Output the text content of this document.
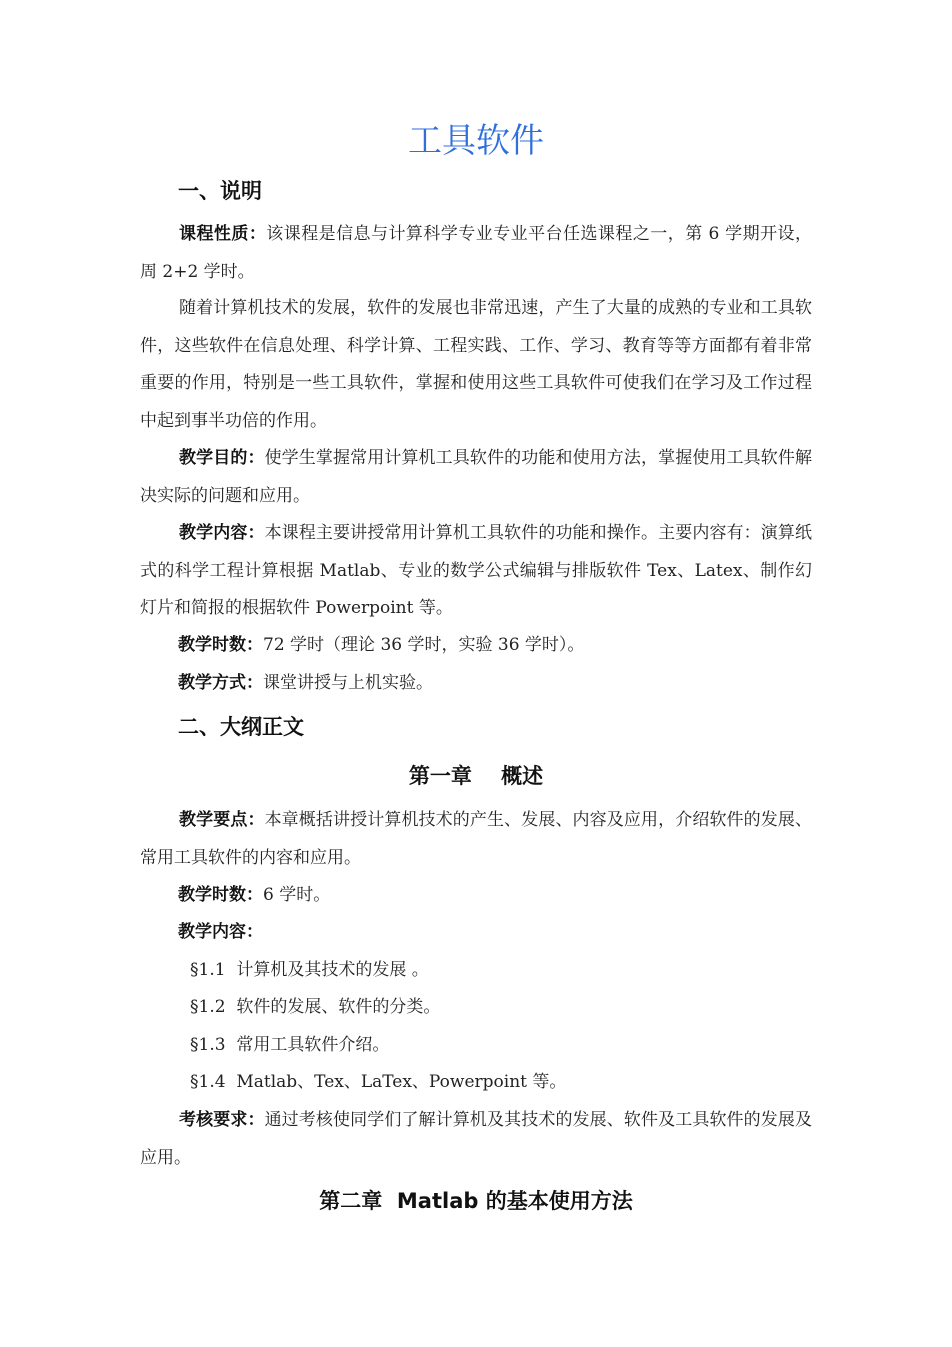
工具软件
一、说明
课程性质：该课程是信息与计算科学专业专业平台任选课程之一，第 6 学期开设，周 2+2 学时。
随着计算机技术的发展，软件的发展也非常迅速，产生了大量的成熟的专业和工具软件，这些软件在信息处理、科学计算、工程实践、工作、学习、教育等等方面都有着非常重要的作用，特别是一些工具软件，掌握和使用这些工具软件可使我们在学习及工作过程中起到事半功倍的作用。
教学目的：使学生掌握常用计算机工具软件的功能和使用方法，掌握使用工具软件解决实际的问题和应用。
教学内容：本课程主要讲授常用计算机工具软件的功能和操作。主要内容有：演算纸式的科学工程计算根据 Matlab、专业的数学公式编辑与排版软件 Tex、Latex、制作幻灯片和简报的根据软件 Powerpoint 等。
教学时数：72 学时（理论 36 学时，实验 36 学时）。
教学方式：课堂讲授与上机实验。
二、大纲正文
第一章    概述
教学要点：本章概括讲授计算机技术的产生、发展、内容及应用，介绍软件的发展、常用工具软件的内容和应用。
教学时数：6 学时。
教学内容：
§1.1  计算机及其技术的发展 。
§1.2  软件的发展、软件的分类。
§1.3  常用工具软件介绍。
§1.4  Matlab、Tex、LaTex、Powerpoint 等。
考核要求：通过考核使同学们了解计算机及其技术的发展、软件及工具软件的发展及应用。
第二章  Matlab 的基本使用方法
